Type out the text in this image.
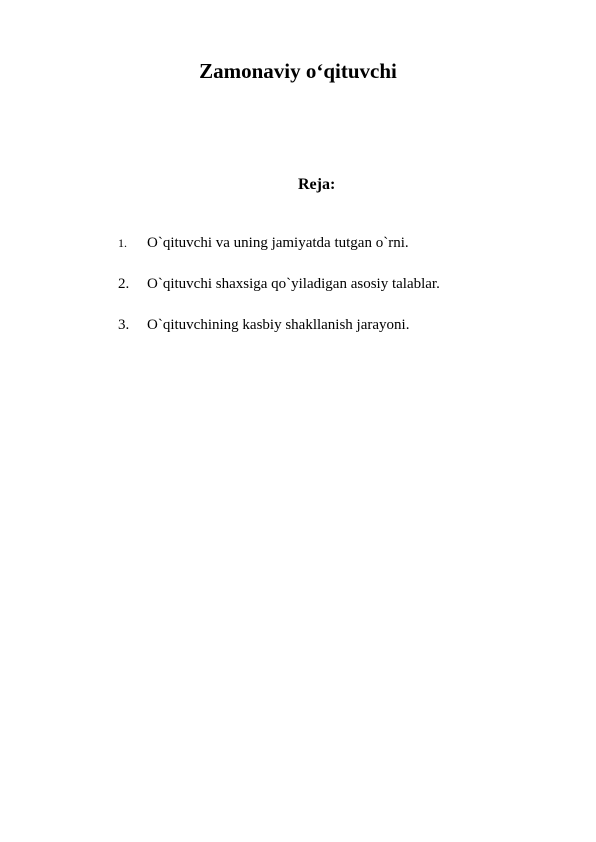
Zamonaviy o‘qituvchi
Reja:
1. O`qituvchi va uning jamiyatda tutgan o`rni.
2. O`qituvchi shaxsiga qo`yiladigan asosiy talablar.
3. O`qituvchining kasbiy shakllanish jarayoni.
